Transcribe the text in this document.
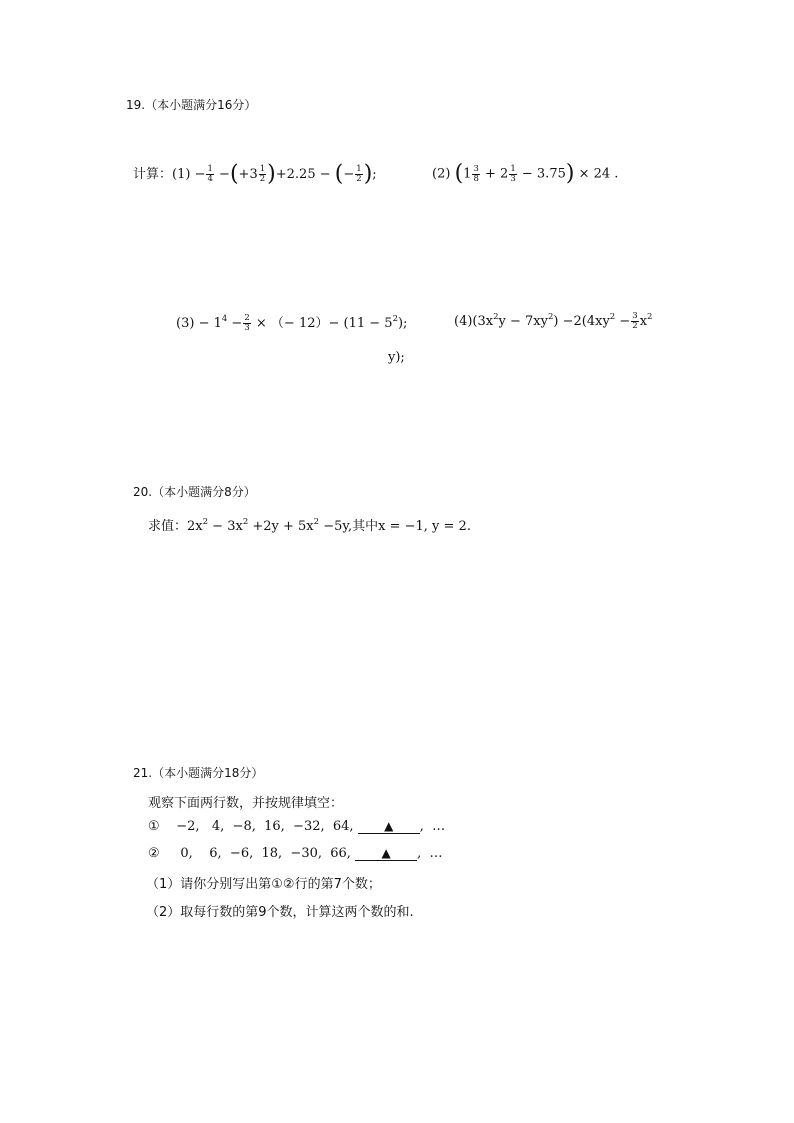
19.（本小题满分16分）
计算：$(1) - \frac{1}{4} -(+3 \frac{1}{2} )+2.25$ − (− $\frac{1}{2}$ );	(2) $(1 \frac{3}{8} + 2 \frac{1}{3} - 3.75) \times 24$ .
$(3) - 1^4 - \frac{2}{3}$ × （− $12)- (11 - 5^2)$;	$(4)(3x^2y - 7xy^2) -2(4xy^2 - \frac{3}{2} x^2$
y);
20.（本小题满分8分）
求值：$2x^2 - 3x^2 +2y + 5x^2 -5y$,其中x = −1, y = 2.
21.（本小题满分18分）
观察下面两行数，并按规律填空：
① −2,   4,  −8,  16,  −32,  64,	▲ ,  …
② 0,    6,  −6,  18,  −30,  66,	▲ ,  …
（1）请你分别写出第①②行的第7个数；
（2）取每行数的第9个数，计算这两个数的和.
